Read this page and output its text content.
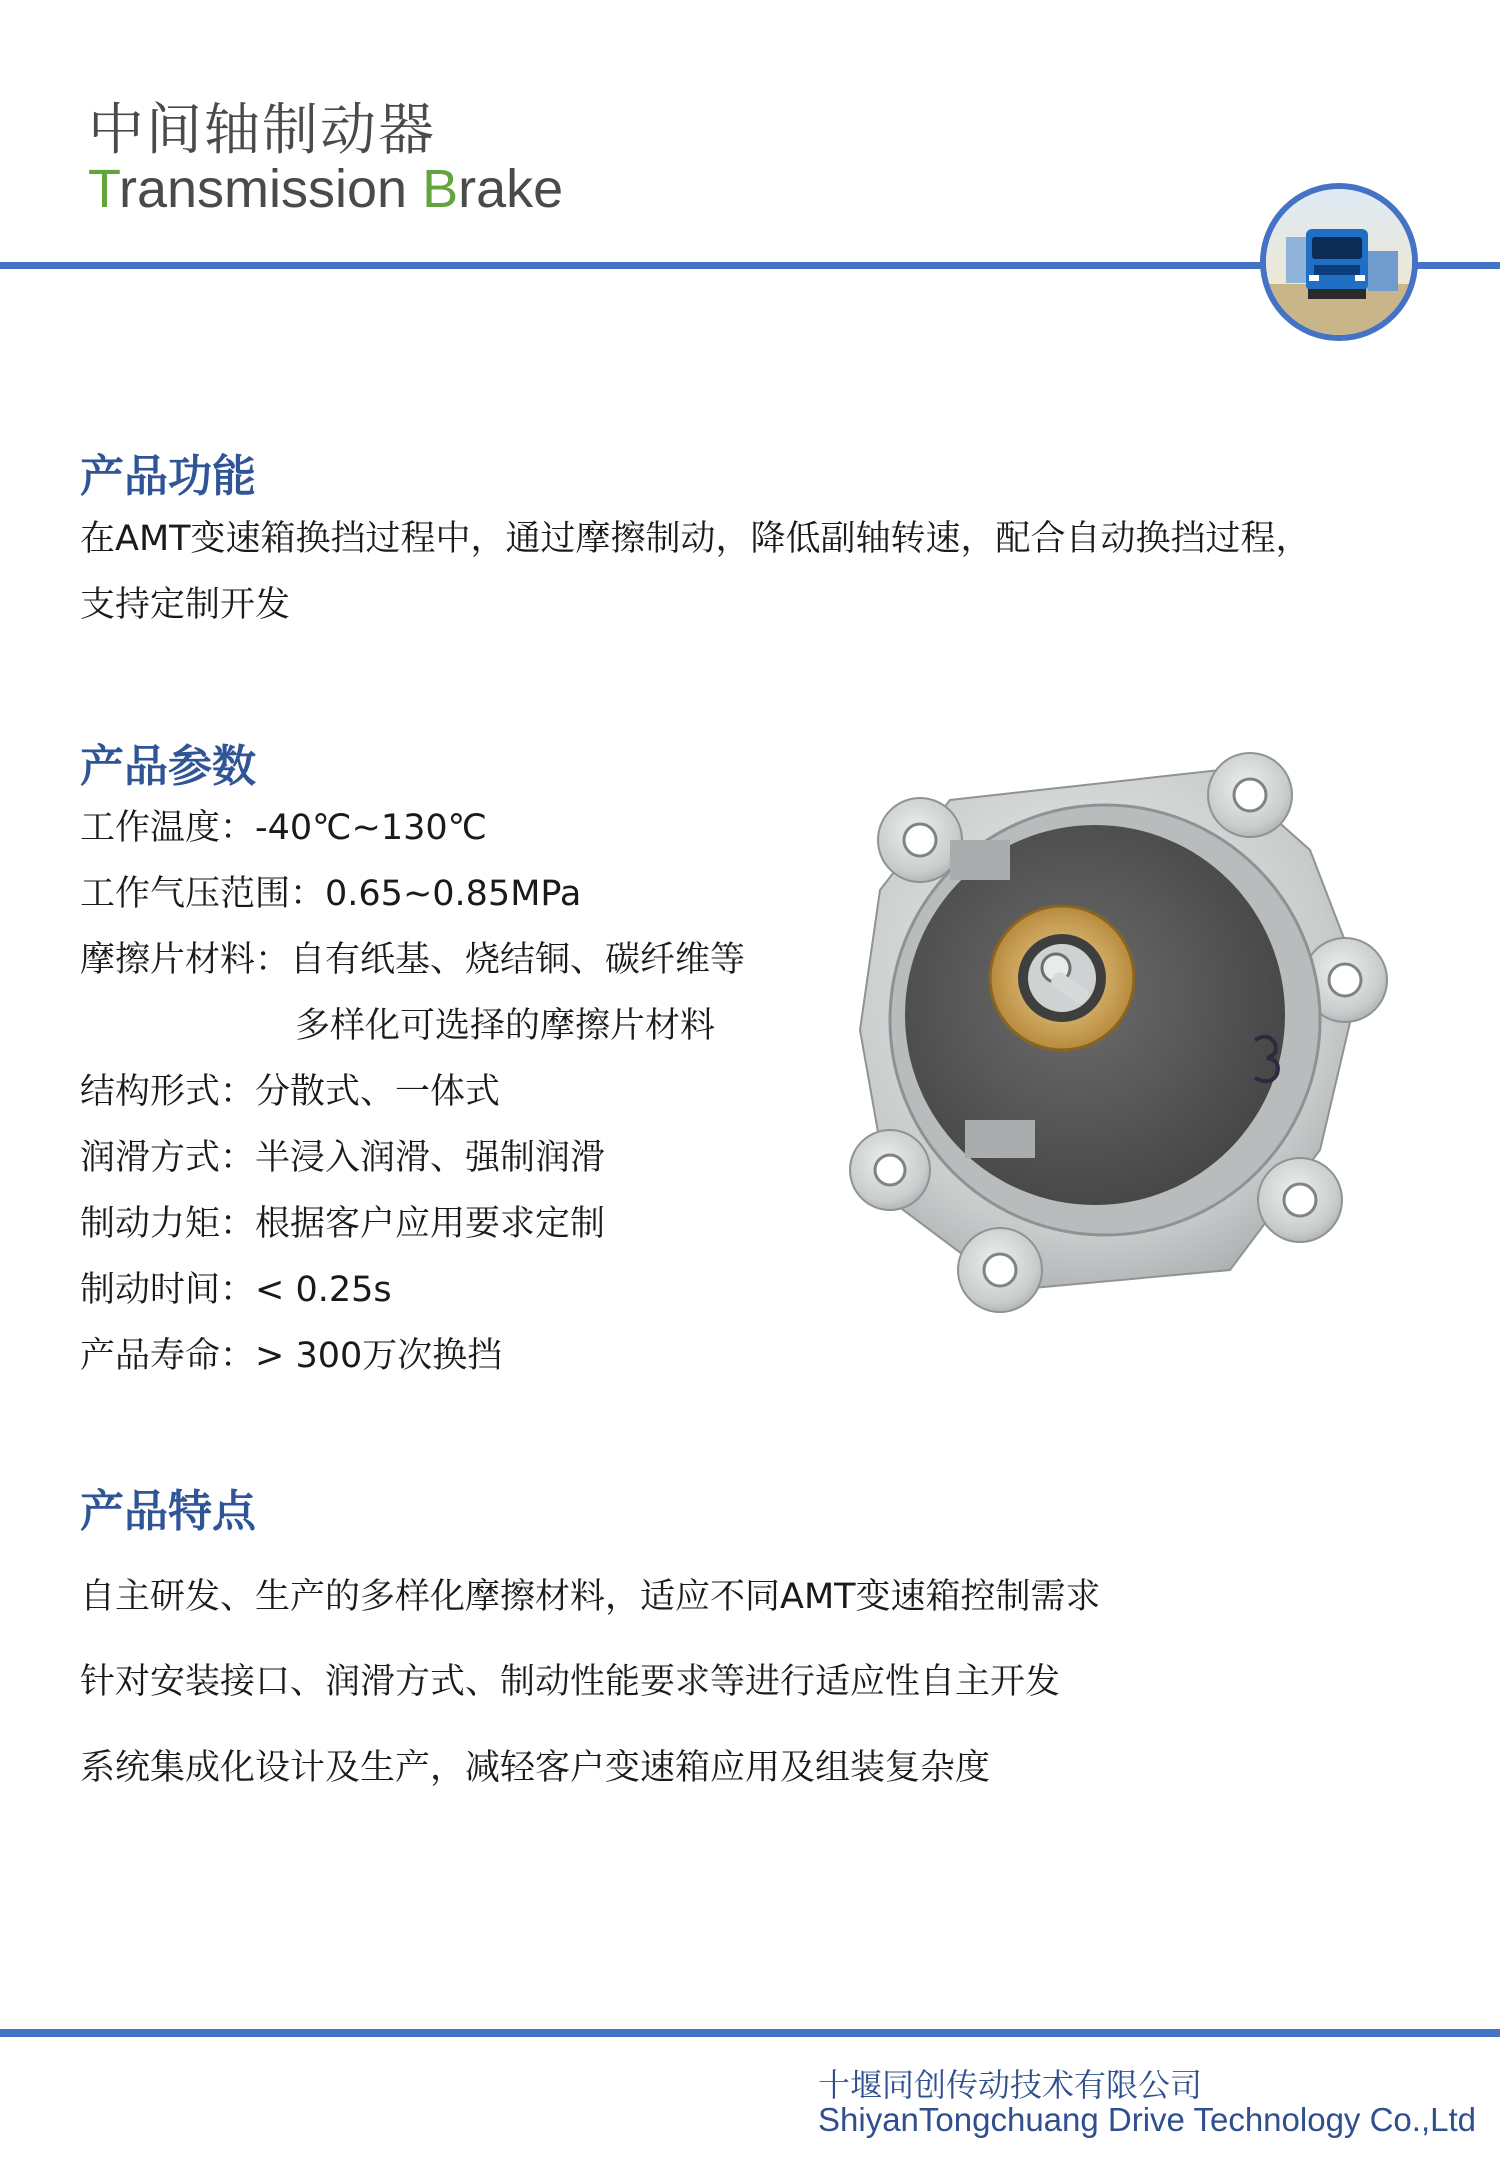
中间轴制动器
Transmission Brake
产品功能
在AMT变速箱换挡过程中，通过摩擦制动，降低副轴转速，配合自动换挡过程，
支持定制开发
产品参数
工作温度：-40℃~130℃
工作气压范围：0.65~0.85MPa
摩擦片材料：自有纸基、烧结铜、碳纤维等
多样化可选择的摩擦片材料
结构形式：分散式、一体式
润滑方式：半浸入润滑、强制润滑
制动力矩：根据客户应用要求定制
制动时间：< 0.25s
产品寿命：> 300万次换挡
产品特点
自主研发、生产的多样化摩擦材料，适应不同AMT变速箱控制需求
针对安装接口、润滑方式、制动性能要求等进行适应性自主开发
系统集成化设计及生产，减轻客户变速箱应用及组装复杂度
十堰同创传动技术有限公司
ShiyanTongchuang Drive Technology Co.,Ltd
